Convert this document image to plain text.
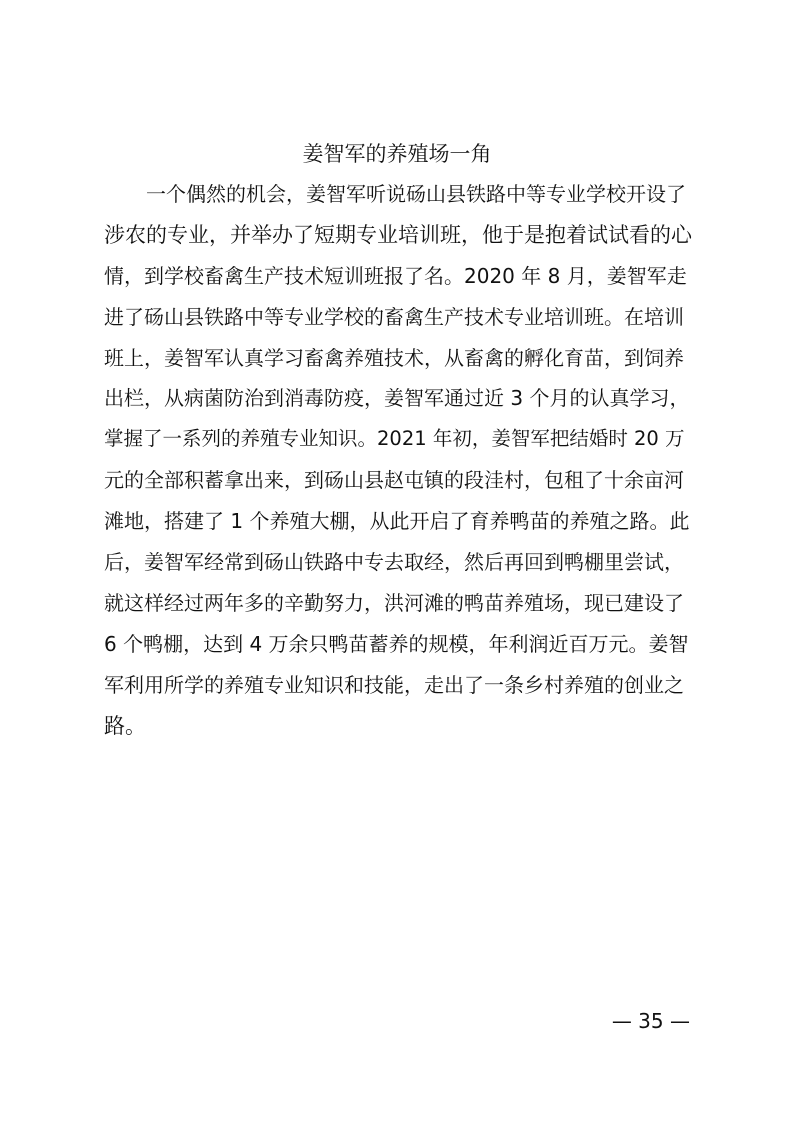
姜智军的养殖场一角
一个偶然的机会，姜智军听说砀山县铁路中等专业学校开设了
涉农的专业，并举办了短期专业培训班，他于是抱着试试看的心
情，到学校畜禽生产技术短训班报了名。2020 年 8 月，姜智军走
进了砀山县铁路中等专业学校的畜禽生产技术专业培训班。在培训
班上，姜智军认真学习畜禽养殖技术，从畜禽的孵化育苗，到饲养
出栏，从病菌防治到消毒防疫，姜智军通过近 3 个月的认真学习，
掌握了一系列的养殖专业知识。2021 年初，姜智军把结婚时 20 万
元的全部积蓄拿出来，到砀山县赵屯镇的段洼村，包租了十余亩河
滩地，搭建了 1 个养殖大棚，从此开启了育养鸭苗的养殖之路。此
后，姜智军经常到砀山铁路中专去取经，然后再回到鸭棚里尝试，
就这样经过两年多的辛勤努力，洪河滩的鸭苗养殖场，现已建设了
6 个鸭棚，达到 4 万余只鸭苗蓄养的规模，年利润近百万元。姜智
军利用所学的养殖专业知识和技能，走出了一条乡村养殖的创业之
路。
— 35 —
